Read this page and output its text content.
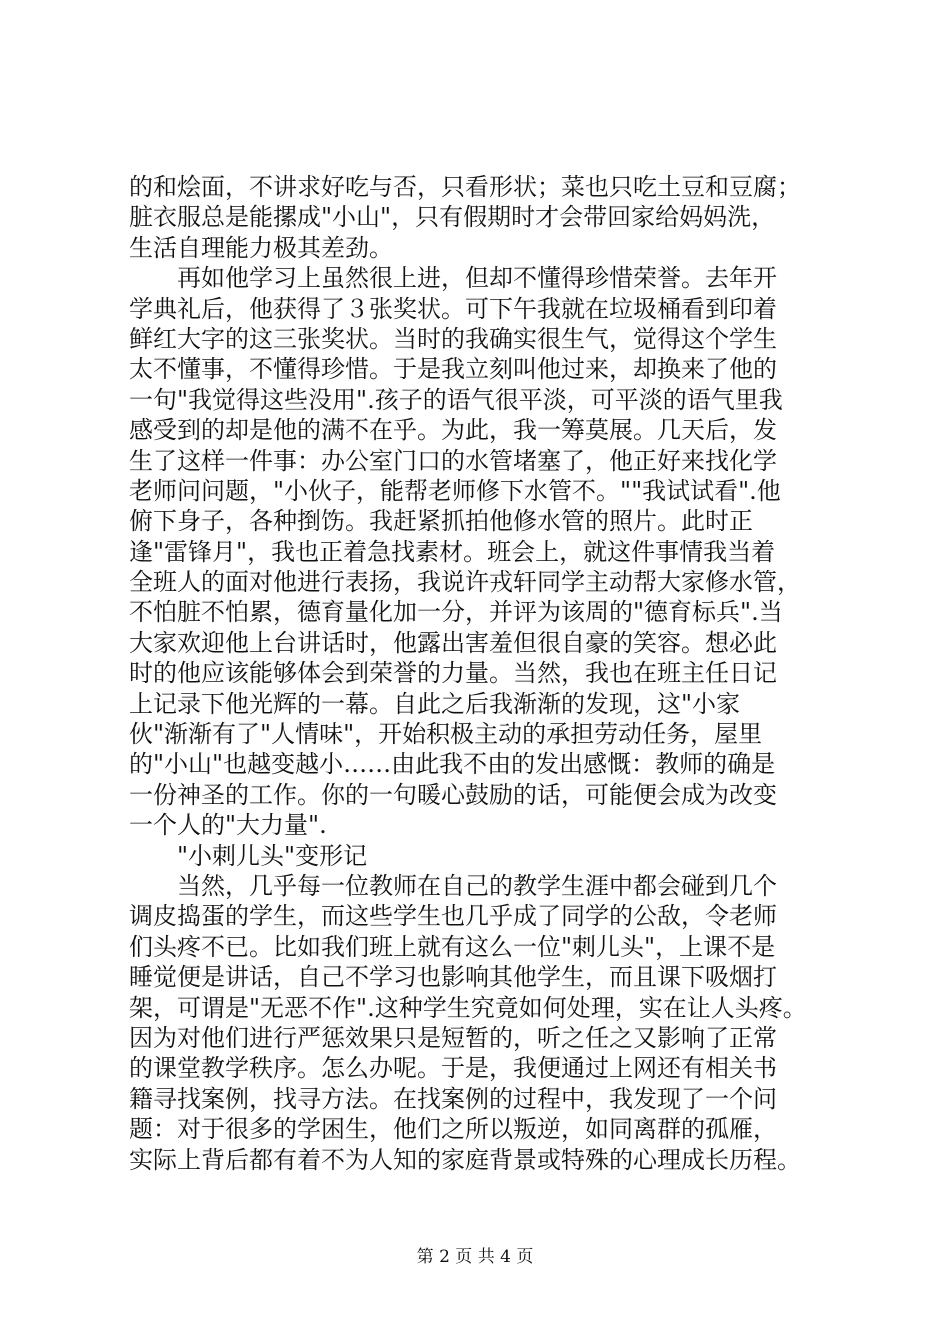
的和烩面，不讲求好吃与否，只看形状；菜也只吃土豆和豆腐；
脏衣服总是能摞成"小山"，只有假期时才会带回家给妈妈洗，
生活自理能力极其差劲。
再如他学习上虽然很上进，但却不懂得珍惜荣誉。去年开
学典礼后，他获得了３张奖状。可下午我就在垃圾桶看到印着
鲜红大字的这三张奖状。当时的我确实很生气，觉得这个学生
太不懂事，不懂得珍惜。于是我立刻叫他过来，却换来了他的
一句"我觉得这些没用".孩子的语气很平淡，可平淡的语气里我
感受到的却是他的满不在乎。为此，我一筹莫展。几天后，发
生了这样一件事：办公室门口的水管堵塞了，他正好来找化学
老师问问题，"小伙子，能帮老师修下水管不。""我试试看".他
俯下身子，各种捯饬。我赶紧抓拍他修水管的照片。此时正
逢"雷锋月"，我也正着急找素材。班会上，就这件事情我当着
全班人的面对他进行表扬，我说许戎轩同学主动帮大家修水管，
不怕脏不怕累，德育量化加一分，并评为该周的"德育标兵".当
大家欢迎他上台讲话时，他露出害羞但很自豪的笑容。想必此
时的他应该能够体会到荣誉的力量。当然，我也在班主任日记
上记录下他光辉的一幕。自此之后我渐渐的发现，这"小家
伙"渐渐有了"人情味"，开始积极主动的承担劳动任务，屋里
的"小山"也越变越小……由此我不由的发出感慨：教师的确是
一份神圣的工作。你的一句暖心鼓励的话，可能便会成为改变
一个人的"大力量".
"小刺儿头"变形记
当然，几乎每一位教师在自己的教学生涯中都会碰到几个
调皮捣蛋的学生，而这些学生也几乎成了同学的公敌，令老师
们头疼不已。比如我们班上就有这么一位"刺儿头"，上课不是
睡觉便是讲话，自己不学习也影响其他学生，而且课下吸烟打
架，可谓是"无恶不作".这种学生究竟如何处理，实在让人头疼。
因为对他们进行严惩效果只是短暂的，听之任之又影响了正常
的课堂教学秩序。怎么办呢。于是，我便通过上网还有相关书
籍寻找案例，找寻方法。在找案例的过程中，我发现了一个问
题：对于很多的学困生，他们之所以叛逆，如同离群的孤雁，
实际上背后都有着不为人知的家庭背景或特殊的心理成长历程。
第 2 页 共 4 页
